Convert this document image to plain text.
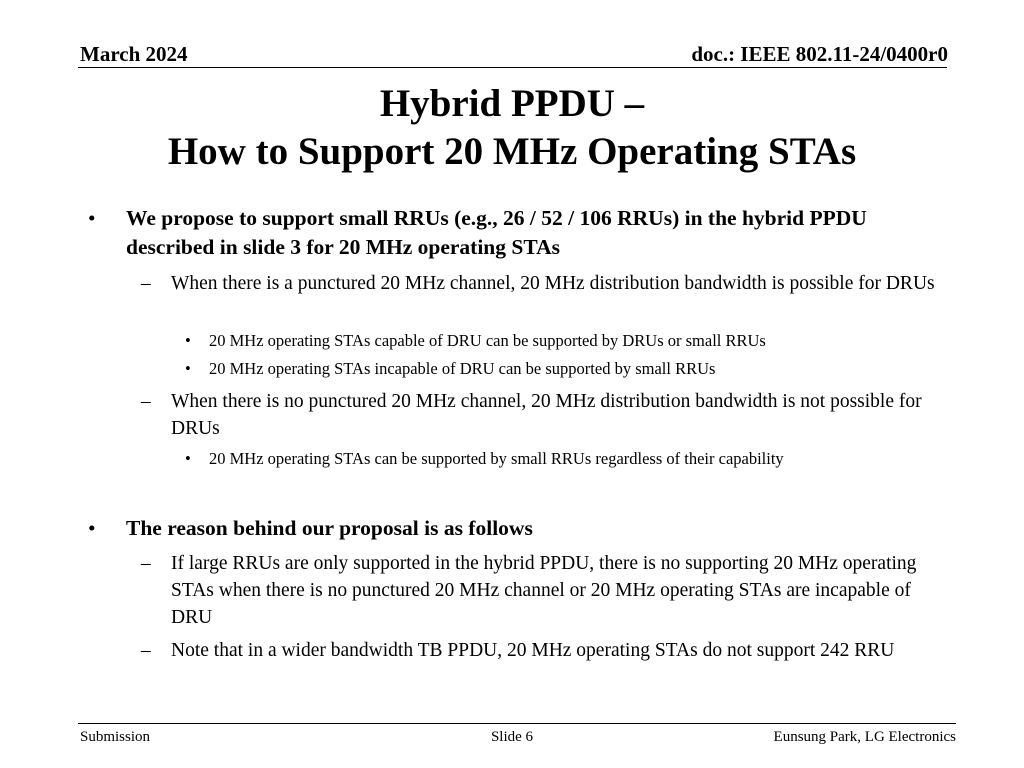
March 2024	doc.: IEEE 802.11-24/0400r0
Hybrid PPDU –
How to Support 20 MHz Operating STAs
• We propose to support small RRUs (e.g., 26 / 52 / 106 RRUs) in the hybrid PPDU described in slide 3 for 20 MHz operating STAs
– When there is a punctured 20 MHz channel, 20 MHz distribution bandwidth is possible for DRUs
• 20 MHz operating STAs capable of DRU can be supported by DRUs or small RRUs
• 20 MHz operating STAs incapable of DRU can be supported by small RRUs
– When there is no punctured 20 MHz channel, 20 MHz distribution bandwidth is not possible for DRUs
• 20 MHz operating STAs can be supported by small RRUs regardless of their capability
• The reason behind our proposal is as follows
– If large RRUs are only supported in the hybrid PPDU, there is no supporting 20 MHz operating STAs when there is no punctured 20 MHz channel or 20 MHz operating STAs are incapable of DRU
– Note that in a wider bandwidth TB PPDU, 20 MHz operating STAs do not support 242 RRU
Submission	Slide 6	Eunsung Park, LG Electronics
